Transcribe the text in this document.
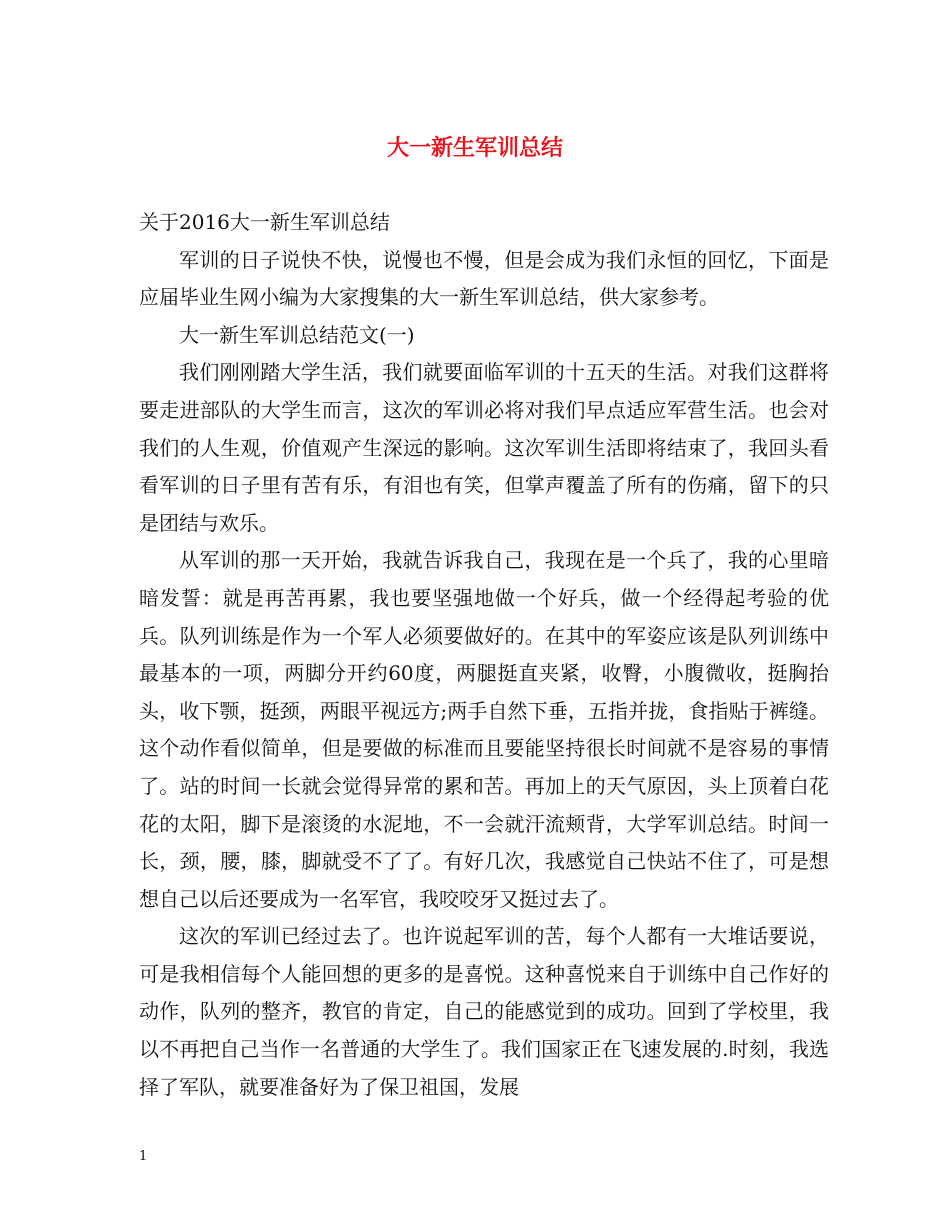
大一新生军训总结

关于2016大一新生军训总结

军训的日子说快不快，说慢也不慢，但是会成为我们永恒的回忆，下面是应届毕业生网小编为大家搜集的大一新生军训总结，供大家参考。

大一新生军训总结范文(一)

我们刚刚踏大学生活，我们就要面临军训的十五天的生活。对我们这群将要走进部队的大学生而言，这次的军训必将对我们早点适应军营生活。也会对我们的人生观，价值观产生深远的影响。这次军训生活即将结束了，我回头看看军训的日子里有苦有乐，有泪也有笑，但掌声覆盖了所有的伤痛，留下的只是团结与欢乐。

从军训的那一天开始，我就告诉我自己，我现在是一个兵了，我的心里暗暗发誓：就是再苦再累，我也要坚强地做一个好兵，做一个经得起考验的优兵。队列训练是作为一个军人必须要做好的。在其中的军姿应该是队列训练中最基本的一项，两脚分开约60度，两腿挺直夹紧，收臀，小腹微收，挺胸抬头，收下颚，挺颈，两眼平视远方;两手自然下垂，五指并拢，食指贴于裤缝。这个动作看似简单，但是要做的标准而且要能坚持很长时间就不是容易的事情了。站的时间一长就会觉得异常的累和苦。再加上的天气原因，头上顶着白花花的太阳，脚下是滚烫的水泥地，不一会就汗流颊背，大学军训总结。时间一长，颈，腰，膝，脚就受不了了。有好几次，我感觉自己快站不住了，可是想想自己以后还要成为一名军官，我咬咬牙又挺过去了。

这次的军训已经过去了。也许说起军训的苦，每个人都有一大堆话要说，可是我相信每个人能回想的更多的是喜悦。这种喜悦来自于训练中自己作好的动作，队列的整齐，教官的肯定，自己的能感觉到的成功。回到了学校里，我以不再把自己当作一名普通的大学生了。我们国家正在飞速发展的.时刻，我选择了军队，就要准备好为了保卫祖国，发展

1
